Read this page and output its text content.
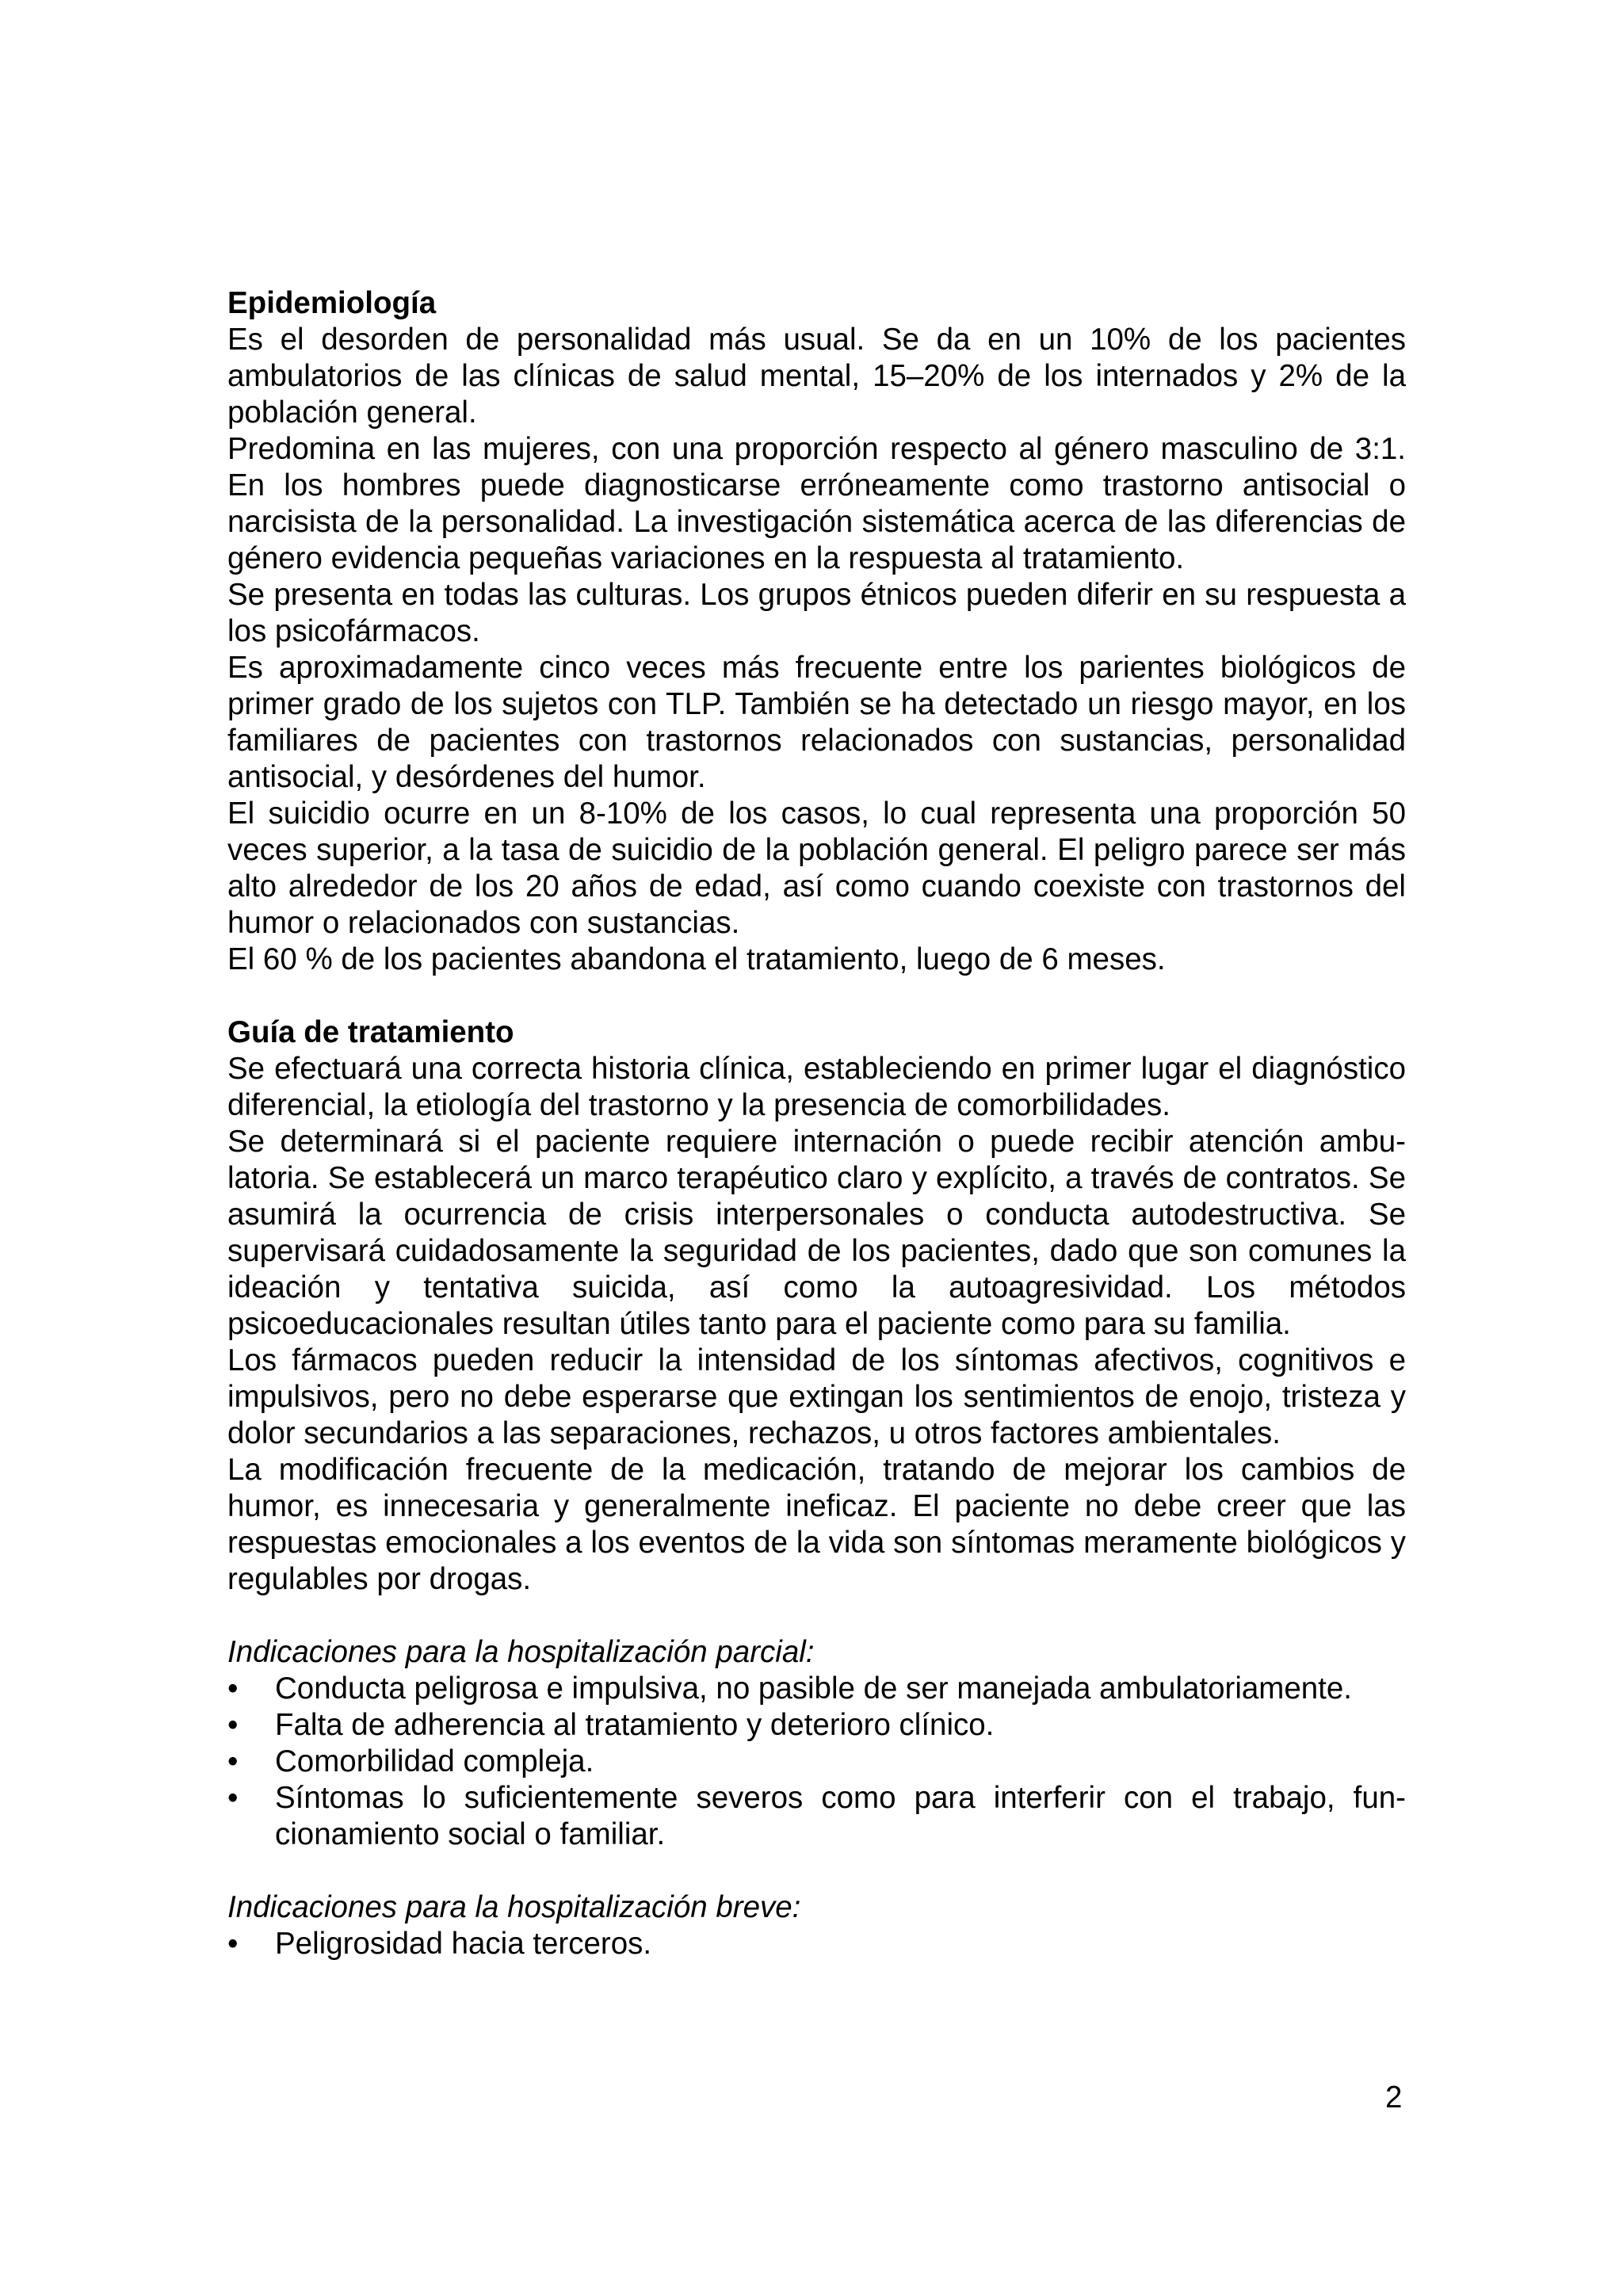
Epidemiología

Es el desorden de personalidad más usual. Se da en un 10% de los pacientes ambulatorios de las clínicas de salud mental, 15–20% de los internados y 2% de la población general.

Predomina en las mujeres, con una proporción respecto al género masculino de 3:1. En los hombres puede diagnosticarse erróneamente como trastorno antisocial o narcisista de la personalidad. La investigación sistemática acerca de las diferencias de género evidencia pequeñas variaciones en la respuesta al tratamiento.

Se presenta en todas las culturas. Los grupos étnicos pueden diferir en su respuesta a los psicofármacos.

Es aproximadamente cinco veces más frecuente entre los parientes biológicos de primer grado de los sujetos con TLP. También se ha detectado un riesgo mayor, en los familiares de pacientes con trastornos relacionados con sustancias, personalidad antisocial, y desórdenes del humor.

El suicidio ocurre en un 8-10% de los casos, lo cual representa una proporción 50 veces superior, a la tasa de suicidio de la población general. El peligro parece ser más alto alrededor de los 20 años de edad, así como cuando coexiste con trastornos del humor o relacionados con sustancias.

El 60 % de los pacientes abandona el tratamiento, luego de 6 meses.

Guía de tratamiento

Se efectuará una correcta historia clínica, estableciendo en primer lugar el diagnóstico diferencial, la etiología del trastorno y la presencia de comorbilidades.

Se determinará si el paciente requiere internación o puede recibir atención ambulatoria. Se establecerá un marco terapéutico claro y explícito, a través de contratos. Se asumirá la ocurrencia de crisis interpersonales o conducta autodestructiva. Se supervisará cuidadosamente la seguridad de los pacientes, dado que son comunes la ideación y tentativa suicida, así como la autoagresividad. Los métodos psicoeducacionales resultan útiles tanto para el paciente como para su familia.

Los fármacos pueden reducir la intensidad de los síntomas afectivos, cognitivos e impulsivos, pero no debe esperarse que extingan los sentimientos de enojo, tristeza y dolor secundarios a las separaciones, rechazos, u otros factores ambientales.

La modificación frecuente de la medicación, tratando de mejorar los cambios de humor, es innecesaria y generalmente ineficaz. El paciente no debe creer que las respuestas emocionales a los eventos de la vida son síntomas meramente biológicos y regulables por drogas.

Indicaciones para la hospitalización parcial:

•	Conducta peligrosa e impulsiva, no pasible de ser manejada ambulatoriamente.
•	Falta de adherencia al tratamiento y deterioro clínico.
•	Comorbilidad compleja.
•	Síntomas lo suficientemente severos como para interferir con el trabajo, funcionamiento social o familiar.

Indicaciones para la hospitalización breve:

•	Peligrosidad hacia terceros.
2
